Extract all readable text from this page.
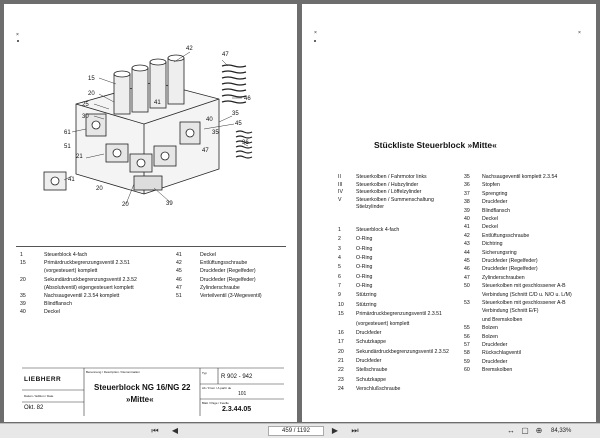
×
42
47
15
46
20
35
25
30
45
41
40
35
61
51
21
41
47
36
39
20
20
1	Steuerblock 4-fach
15	Primärdruckbegrenzungsventil 2.3.51
(vorgesteuert) komplett
20	Sekundärdruckbegrenzungsventil 2.3.52
(Absolutventil) eigengesteuert komplett
35	Nachsaugeventil 2.3.54 komplett
39	Blindflansch
40	Deckel
41	Deckel
42	Entlüftungsschraube
45	Druckfeder (Regelfeder)
46	Druckfeder (Regelfeder)
47	Zylinderschraube
51	Verteilventil (3-Wegeventil)
LIEBHERR
Datum / Edition / Date
Okt. 82
Benennung / Description / Denomination
Steuerblock NG 16/NG 22
»Mitte«
Typ
R 902 - 942
Ab / From / A partir de
101
Blatt / Page / Feuille
2.3.44.05
×	×
Stückliste Steuerblock »Mitte«
II	Steuerkolben / Fahrmotor links
III	Steuerkolben / Hubzylinder
IV	Steuerkolben / Löffelzylinder
V	Steuerkolben / Summenschaltung
Stielzylinder
1	Steuerblock 4-fach
2	O-Ring
3	O-Ring
4	O-Ring
5	O-Ring
6	O-Ring
7	O-Ring
9	Stützring
10 Stützring
15 Primärdruckbegrenzungsventil 2.3.51
(vorgesteuert) komplett
16 Druckfeder
17 Schutzkappe
20 Sekundärdruckbegrenzungsventil 2.3.52
21 Druckfeder
22 Stellschraube
23 Schutzkappe
24 Verschlußschraube
35 Nachsaugeventil komplett 2.3.54
36 Stopfen
37 Sprengring
38 Druckfeder
39 Blindflansch
40 Deckel
41 Deckel
42 Entlüftungsschraube
43 Dichtring
44 Sicherungsring
45 Druckfeder (Regelfeder)
46 Druckfeder (Regelfeder)
47 Zylinderschrauben
50 Steuerkolben mit geschlossener A-B
Verbindung (Schnitt C/D u. N/O u. L/M)
53 Steuerkolben mit geschlossener A-B
Verbindung (Schnitt E/F)
und Bremskolben
55 Bolzen
56 Bolzen
57 Druckfeder
58 Rückschlagventil
59 Druckfeder
60 Bremskolben
⏮ ◀	459 / 1192	▶ ⏭	↔ ▢ ⊕ 84,33%
